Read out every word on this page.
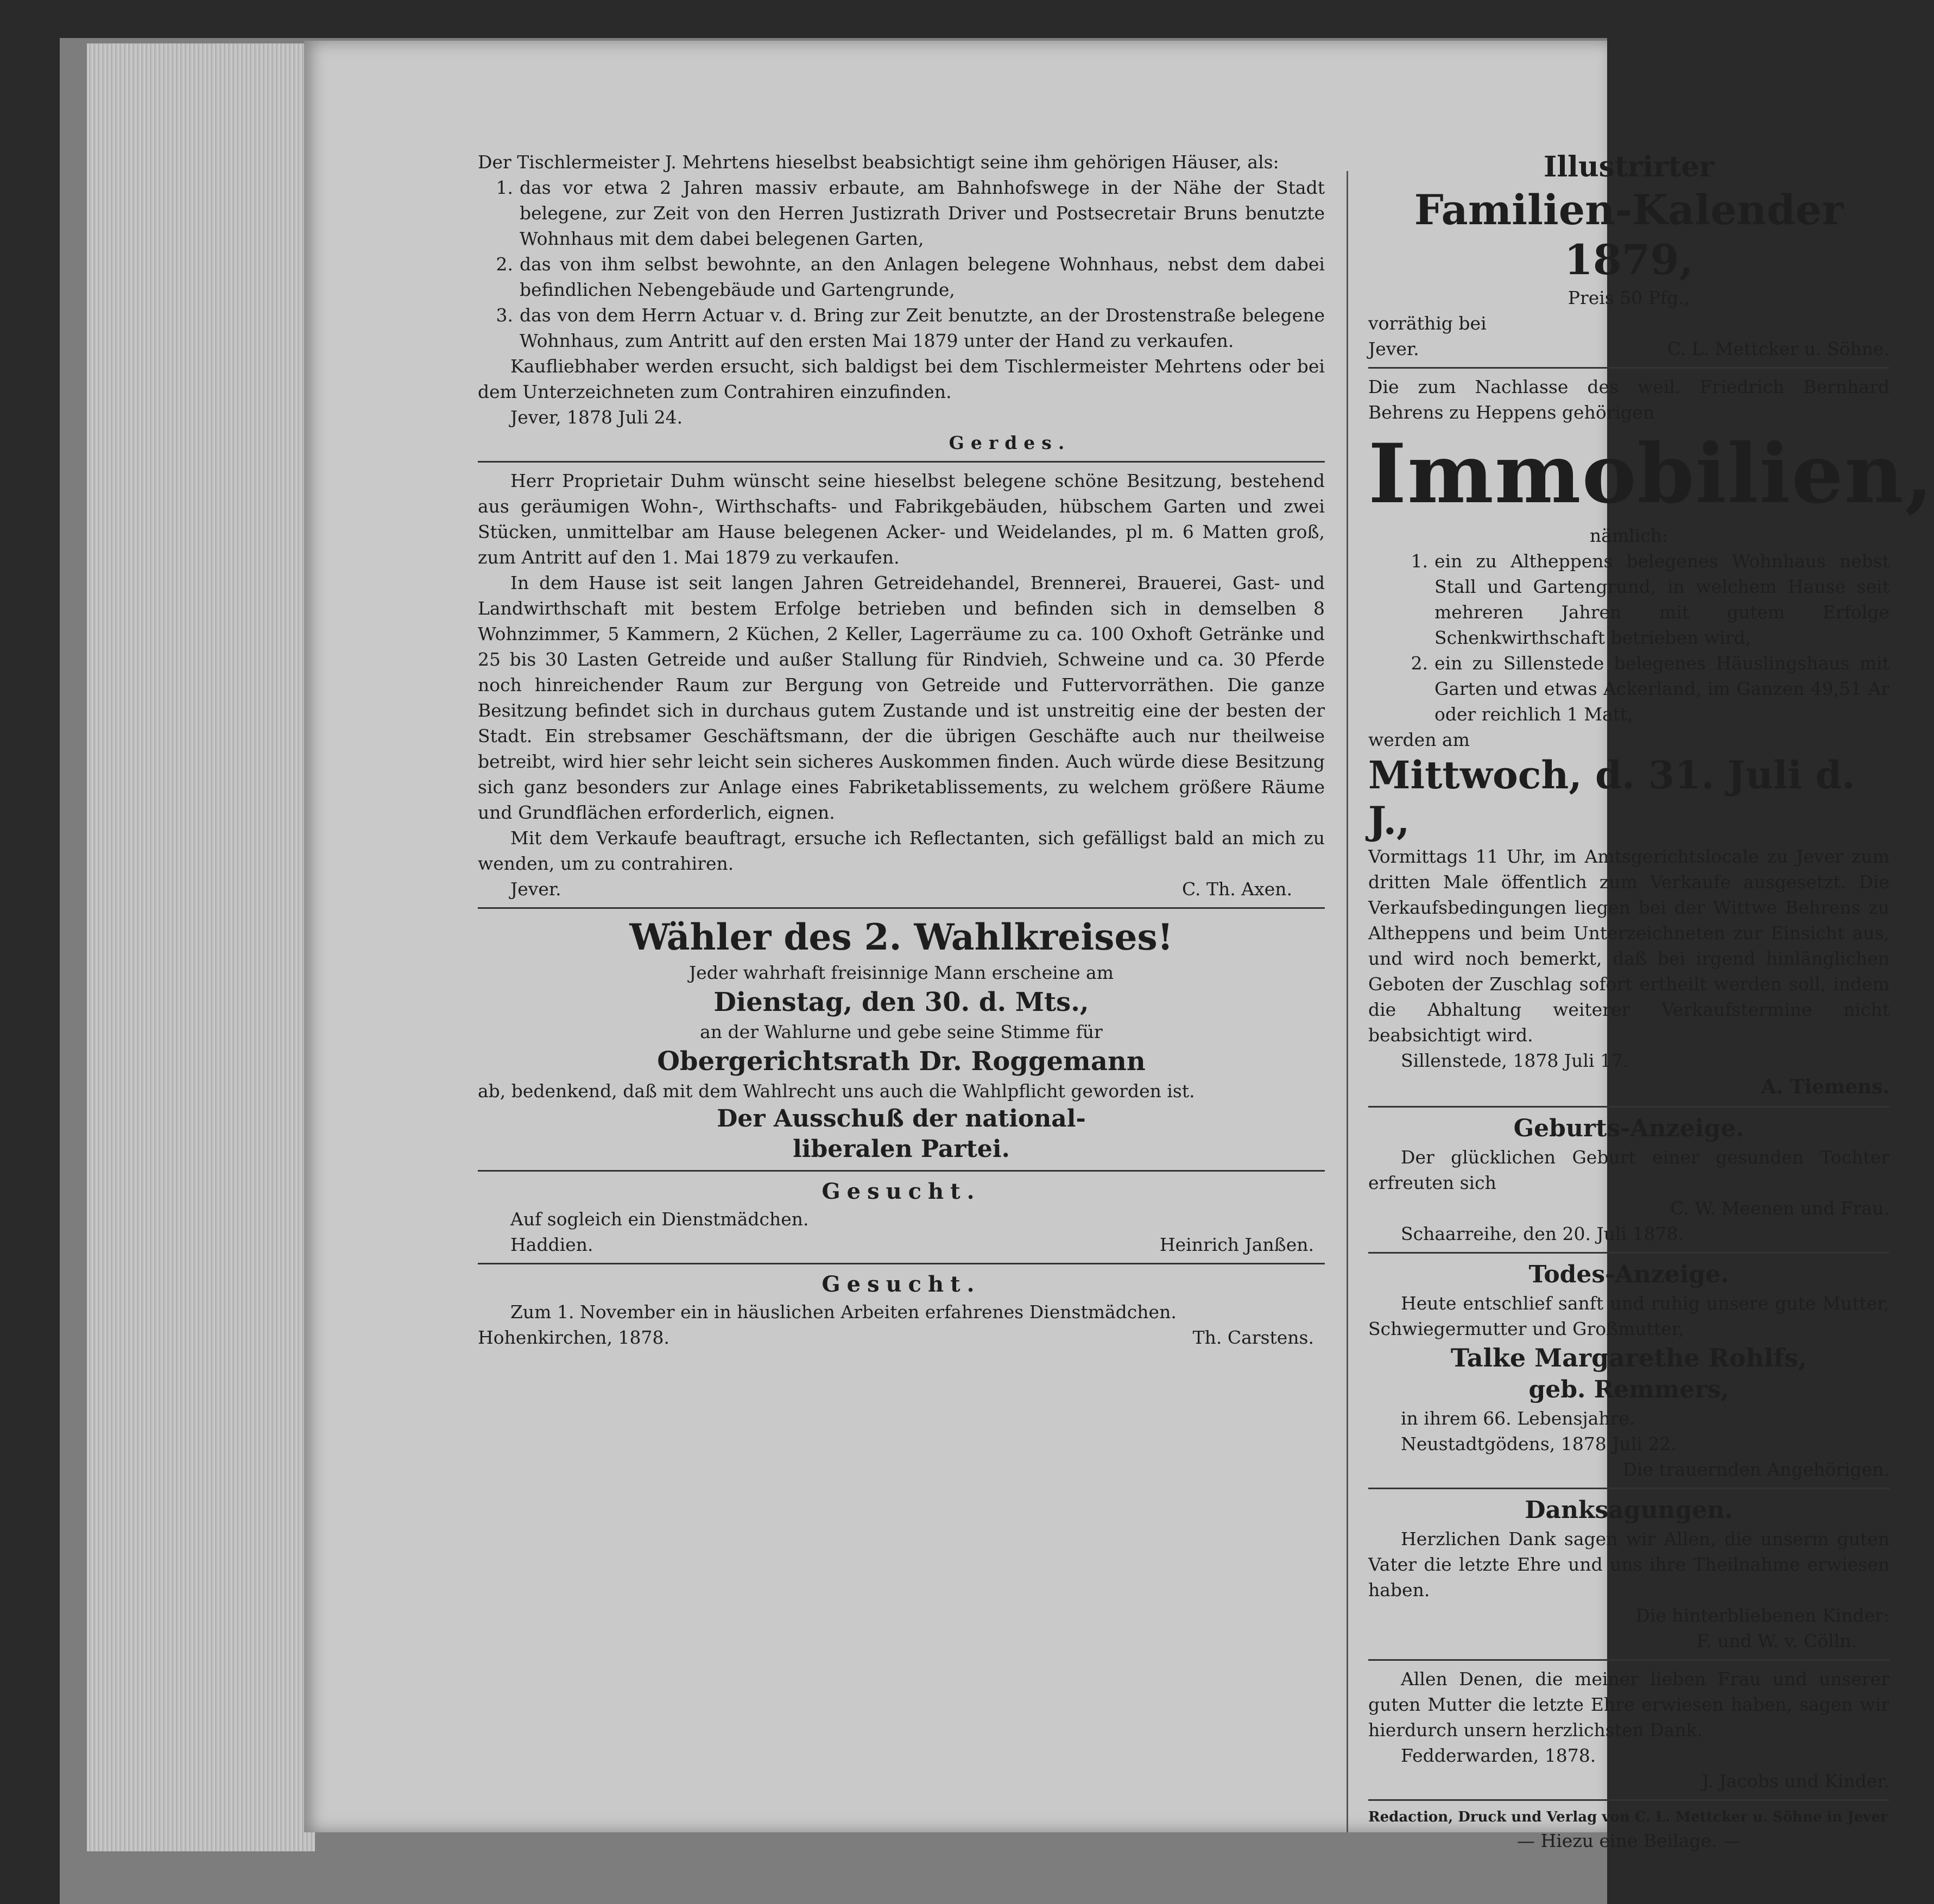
Der Tischlermeister J. Mehrtens hieselbst beabsichtigt seine ihm gehörigen Häuser, als:

1. das vor etwa 2 Jahren massiv erbaute, am Bahnhofswege in der Nähe der Stadt belegene, zur Zeit von den Herren Justizrath Driver und Postsecretair Bruns benutzte Wohnhaus mit dem dabei belegenen Garten,
2. das von ihm selbst bewohnte, an den Anlagen belegene Wohnhaus, nebst dem dabei befindlichen Nebengebäude und Gartengrunde,
3. das von dem Herrn Actuar v. d. Bring zur Zeit benutzte, an der Drostenstraße belegene Wohnhaus, zum Antritt auf den ersten Mai 1879 unter der Hand zu verkaufen.

Kaufliebhaber werden ersucht, sich baldigst bei dem Tischlermeister Mehrtens oder bei dem Unterzeichneten zum Contrahiren einzufinden.

Jever, 1878 Juli 24.

Gerdes.

Herr Proprietair Duhm wünscht seine hieselbst belegene schöne Besitzung, bestehend aus geräumigen Wohn-, Wirthschafts- und Fabrikgebäuden, hübschem Garten und zwei Stücken, unmittelbar am Hause belegenen Acker- und Weidelandes, pl m. 6 Matten groß, zum Antritt auf den 1. Mai 1879 zu verkaufen.

In dem Hause ist seit langen Jahren Getreidehandel, Brennerei, Brauerei, Gast- und Landwirthschaft mit bestem Erfolge betrieben und befinden sich in demselben 8 Wohnzimmer, 5 Kammern, 2 Küchen, 2 Keller, Lagerräume zu ca. 100 Oxhoft Getränke und 25 bis 30 Lasten Getreide und außer Stallung für Rindvieh, Schweine und ca. 30 Pferde noch hinreichender Raum zur Bergung von Getreide und Futtervorräthen. Die ganze Besitzung befindet sich in durchaus gutem Zustande und ist unstreitig eine der besten der Stadt. Ein strebsamer Geschäftsmann, der die übrigen Geschäfte auch nur theilweise betreibt, wird hier sehr leicht sein sicheres Auskommen finden. Auch würde diese Besitzung sich ganz besonders zur Anlage eines Fabriketablissements, zu welchem größere Räume und Grundflächen erforderlich, eignen.

Mit dem Verkaufe beauftragt, ersuche ich Reflectanten, sich gefälligst bald an mich zu wenden, um zu contrahiren.

Jever.	C. Th. Axen.
Wähler des 2. Wahlkreises!
Jeder wahrhaft freisinnige Mann erscheine am
Dienstag, den 30. d. Mts.,
an der Wahlurne und gebe seine Stimme für
Obergerichtsrath Dr. Roggemann

ab, bedenkend, daß mit dem Wahlrecht uns auch die Wahlpflicht geworden ist.

Der Ausschuß der national-
liberalen Partei.
Gesucht.

Auf sogleich ein Dienstmädchen.

Haddien.	Heinrich Janßen.
Gesucht.

Zum 1. November ein in häuslichen Arbeiten erfahrenes Dienstmädchen.

Hohenkirchen, 1878.	Th. Carstens.
Illustrirter
Familien-Kalender 1879,
Preis 50 Pfg.,

vorräthig bei

Jever.	C. L. Mettcker u. Söhne.

Die zum Nachlasse des weil. Friedrich Bernhard Behrens zu Heppens gehörigen

Immobilien,
nämlich:
1. ein zu Altheppens belegenes Wohnhaus nebst Stall und Gartengrund, in welchem Hause seit mehreren Jahren mit gutem Erfolge Schenkwirthschaft betrieben wird,
2. ein zu Sillenstede belegenes Häuslingshaus mit Garten und etwas Ackerland, im Ganzen 49,51 Ar oder reichlich 1 Matt,

werden am

Mittwoch, d. 31. Juli d. J.,

Vormittags 11 Uhr, im Amtsgerichtslocale zu Jever zum dritten Male öffentlich zum Verkaufe ausgesetzt. Die Verkaufsbedingungen liegen bei der Wittwe Behrens zu Altheppens und beim Unterzeichneten zur Einsicht aus, und wird noch bemerkt, daß bei irgend hinlänglichen Geboten der Zuschlag sofort ertheilt werden soll, indem die Abhaltung weiterer Verkaufstermine nicht beabsichtigt wird.

Sillenstede, 1878 Juli 17.

A. Tiemens.
Geburts-Anzeige.

Der glücklichen Geburt einer gesunden Tochter erfreuten sich

C. W. Meenen und Frau.

Schaarreihe, den 20. Juli 1878.

Todes-Anzeige.

Heute entschlief sanft und ruhig unsere gute Mutter, Schwiegermutter und Großmutter,

Talke Margarethe Rohlfs,
geb. Remmers,

in ihrem 66. Lebensjahre.

Neustadtgödens, 1878 Juli 22.

Die trauernden Angehörigen.
Danksagungen.

Herzlichen Dank sagen wir Allen, die unserm guten Vater die letzte Ehre und uns ihre Theilnahme erwiesen haben.

Die hinterbliebenen Kinder:
F. und W. v. Cölln.

Allen Denen, die meiner lieben Frau und unserer guten Mutter die letzte Ehre erwiesen haben, sagen wir hierdurch unsern herzlichsten Dank.

Fedderwarden, 1878.

J. Jacobs und Kinder.
Redaction, Druck und Verlag von C. L. Mettcker u. Söhne in Jever
— Hiezu eine Beilage. —
